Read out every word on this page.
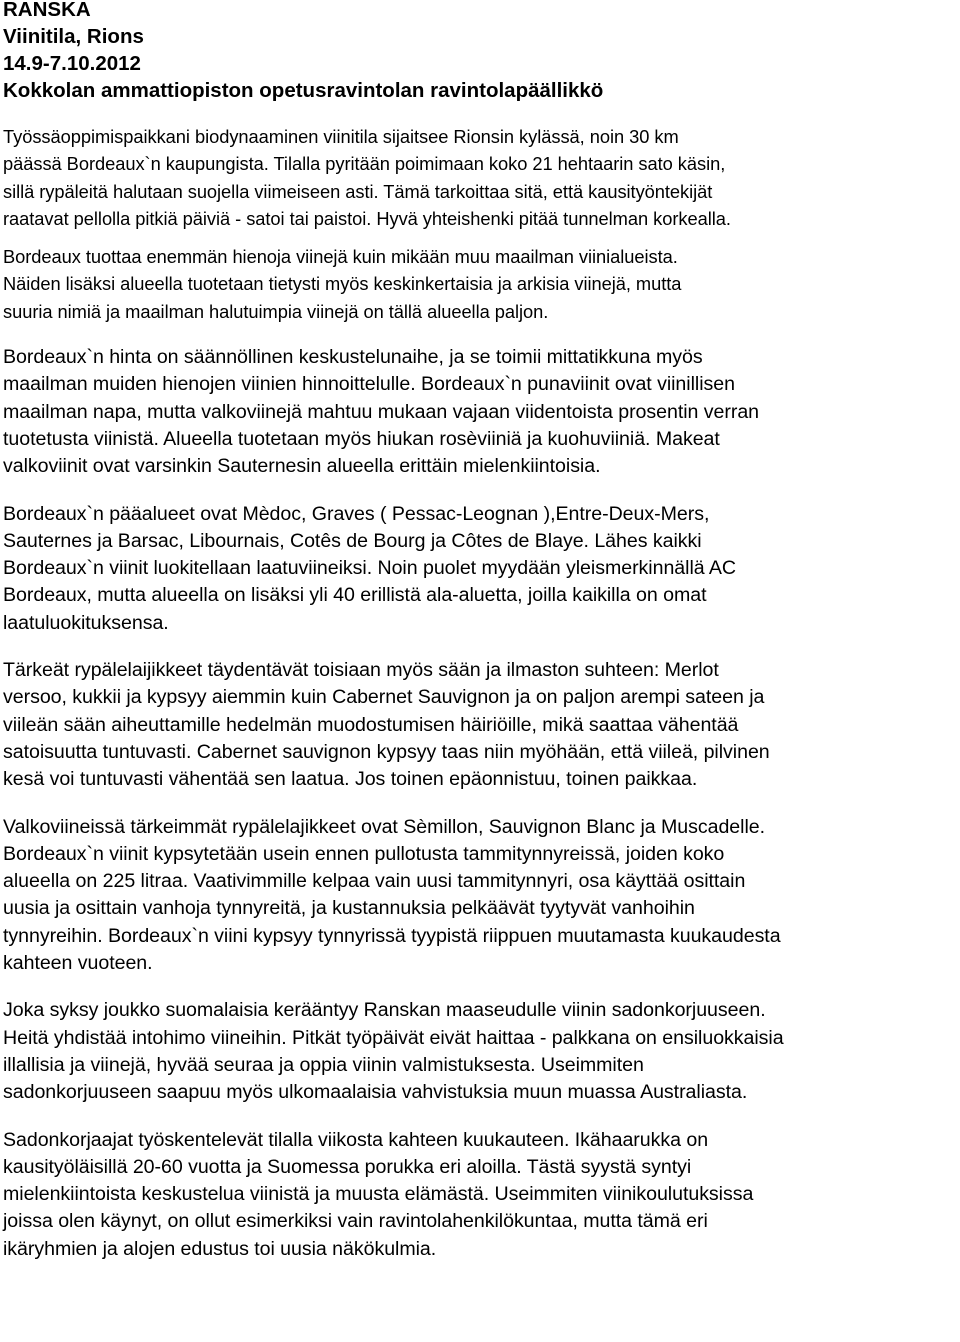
RANSKA

Viinitila, Rions

14.9-7.10.2012

Kokkolan ammattiopiston opetusravintolan ravintolapäällikkö

Työssäoppimispaikkani biodynaaminen viinitila sijaitsee Rionsin kylässä, noin 30 km
päässä Bordeaux`n kaupungista. Tilalla pyritään poimimaan koko 21 hehtaarin sato käsin,
sillä rypäleitä halutaan suojella viimeiseen asti. Tämä tarkoittaa sitä, että kausityöntekijät
raatavat pellolla pitkiä päiviä - satoi tai paistoi. Hyvä yhteishenki pitää tunnelman korkealla.
Bordeaux tuottaa enemmän hienoja viinejä kuin mikään muu maailman viinialueista.
Näiden lisäksi alueella tuotetaan tietysti myös keskinkertaisia ja arkisia viinejä, mutta
suuria nimiä ja maailman halutuimpia viinejä on tällä alueella paljon.
Bordeaux`n hinta on säännöllinen keskustelunaihe, ja se toimii mittatikkuna myös
maailman muiden hienojen viinien hinnoittelulle. Bordeaux`n punaviinit ovat viinillisen
maailman napa, mutta valkoviinejä mahtuu mukaan vajaan viidentoista prosentin verran
tuotetusta viinistä. Alueella tuotetaan myös hiukan rosèviiniä ja kuohuviiniä. Makeat
valkoviinit ovat varsinkin Sauternesin alueella erittäin mielenkiintoisia.
Bordeaux`n pääalueet ovat Mèdoc, Graves ( Pessac-Leognan ),Entre-Deux-Mers,
Sauternes ja Barsac, Libournais, Cotês de Bourg ja Côtes de Blaye. Lähes kaikki
Bordeaux`n viinit luokitellaan laatuviineiksi. Noin puolet myydään yleismerkinnällä AC
Bordeaux, mutta alueella on lisäksi yli 40 erillistä ala-aluetta, joilla kaikilla on omat
laatuluokituksensa.
Tärkeät rypälelaijikkeet täydentävät toisiaan myös sään ja ilmaston suhteen: Merlot
versoo, kukkii ja kypsyy aiemmin kuin Cabernet Sauvignon ja on paljon arempi sateen ja
viileän sään aiheuttamille hedelmän muodostumisen häiriöille, mikä saattaa vähentää
satoisuutta tuntuvasti. Cabernet sauvignon kypsyy taas niin myöhään, että viileä, pilvinen
kesä voi tuntuvasti vähentää sen laatua. Jos toinen epäonnistuu, toinen paikkaa.
Valkoviineissä tärkeimmät rypälelajikkeet ovat Sèmillon, Sauvignon Blanc ja Muscadelle.
Bordeaux`n viinit kypsytetään usein ennen pullotusta tammitynnyreissä, joiden koko
alueella on 225 litraa. Vaativimmille kelpaa vain uusi tammitynnyri, osa käyttää osittain
uusia ja osittain vanhoja tynnyreitä, ja kustannuksia pelkäävät tyytyvät vanhoihin
tynnyreihin. Bordeaux`n viini kypsyy tynnyrissä tyypistä riippuen muutamasta kuukaudesta
kahteen vuoteen.
Joka syksy joukko suomalaisia kerääntyy Ranskan maaseudulle viinin sadonkorjuuseen.
Heitä yhdistää intohimo viineihin. Pitkät työpäivät eivät haittaa - palkkana on ensiluokkaisia
illallisia ja viinejä, hyvää seuraa ja oppia viinin valmistuksesta. Useimmiten
sadonkorjuuseen saapuu myös ulkomaalaisia vahvistuksia muun muassa Australiasta.
Sadonkorjaajat työskentelevät tilalla viikosta kahteen kuukauteen. Ikähaarukka on
kausityöläisillä 20-60 vuotta ja Suomessa porukka eri aloilla. Tästä syystä syntyi
mielenkiintoista keskustelua viinistä ja muusta elämästä. Useimmiten viinikoulutuksissa
joissa olen käynyt, on ollut esimerkiksi vain ravintolahenkilökuntaa, mutta tämä eri
ikäryhmien ja alojen edustus toi uusia näkökulmia.
